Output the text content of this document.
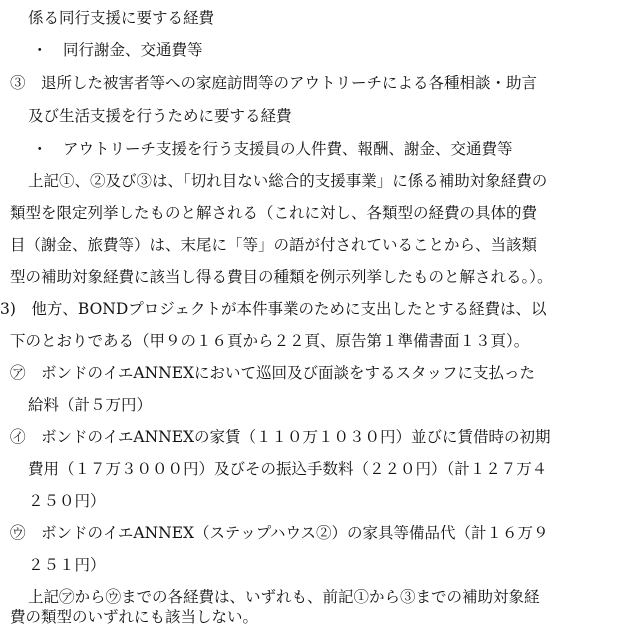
係る同行支援に要する経費
・　同行謝金、交通費等
③　退所した被害者等への家庭訪問等のアウトリーチによる各種相談・助言
及び生活支援を行うために要する経費
・　アウトリーチ支援を行う支援員の人件費、報酬、謝金、交通費等
上記①、②及び③は、「切れ目ない総合的支援事業」に係る補助対象経費の
類型を限定列挙したものと解される（これに対し、各類型の経費の具体的費
目（謝金、旅費等）は、末尾に「等」の語が付されていることから、当該類
型の補助対象経費に該当し得る費目の種類を例示列挙したものと解される。）。
3)　他方、BONDプロジェクトが本件事業のために支出したとする経費は、以
下のとおりである（甲９の１６頁から２２頁、原告第１準備書面１３頁）。
㋐　ボンドのイエANNEXにおいて巡回及び面談をするスタッフに支払った
給料（計５万円）
㋑　ボンドのイエANNEXの家賃（１１０万１０３０円）並びに賃借時の初期
費用（１７万３０００円）及びその振込手数料（２２０円）（計１２７万４
２５０円）
㋒　ボンドのイエANNEX（ステップハウス②）の家具等備品代（計１６万９
２５１円）
上記㋐から㋒までの各経費は、いずれも、前記①から③までの補助対象経
費の類型のいずれにも該当しない。
